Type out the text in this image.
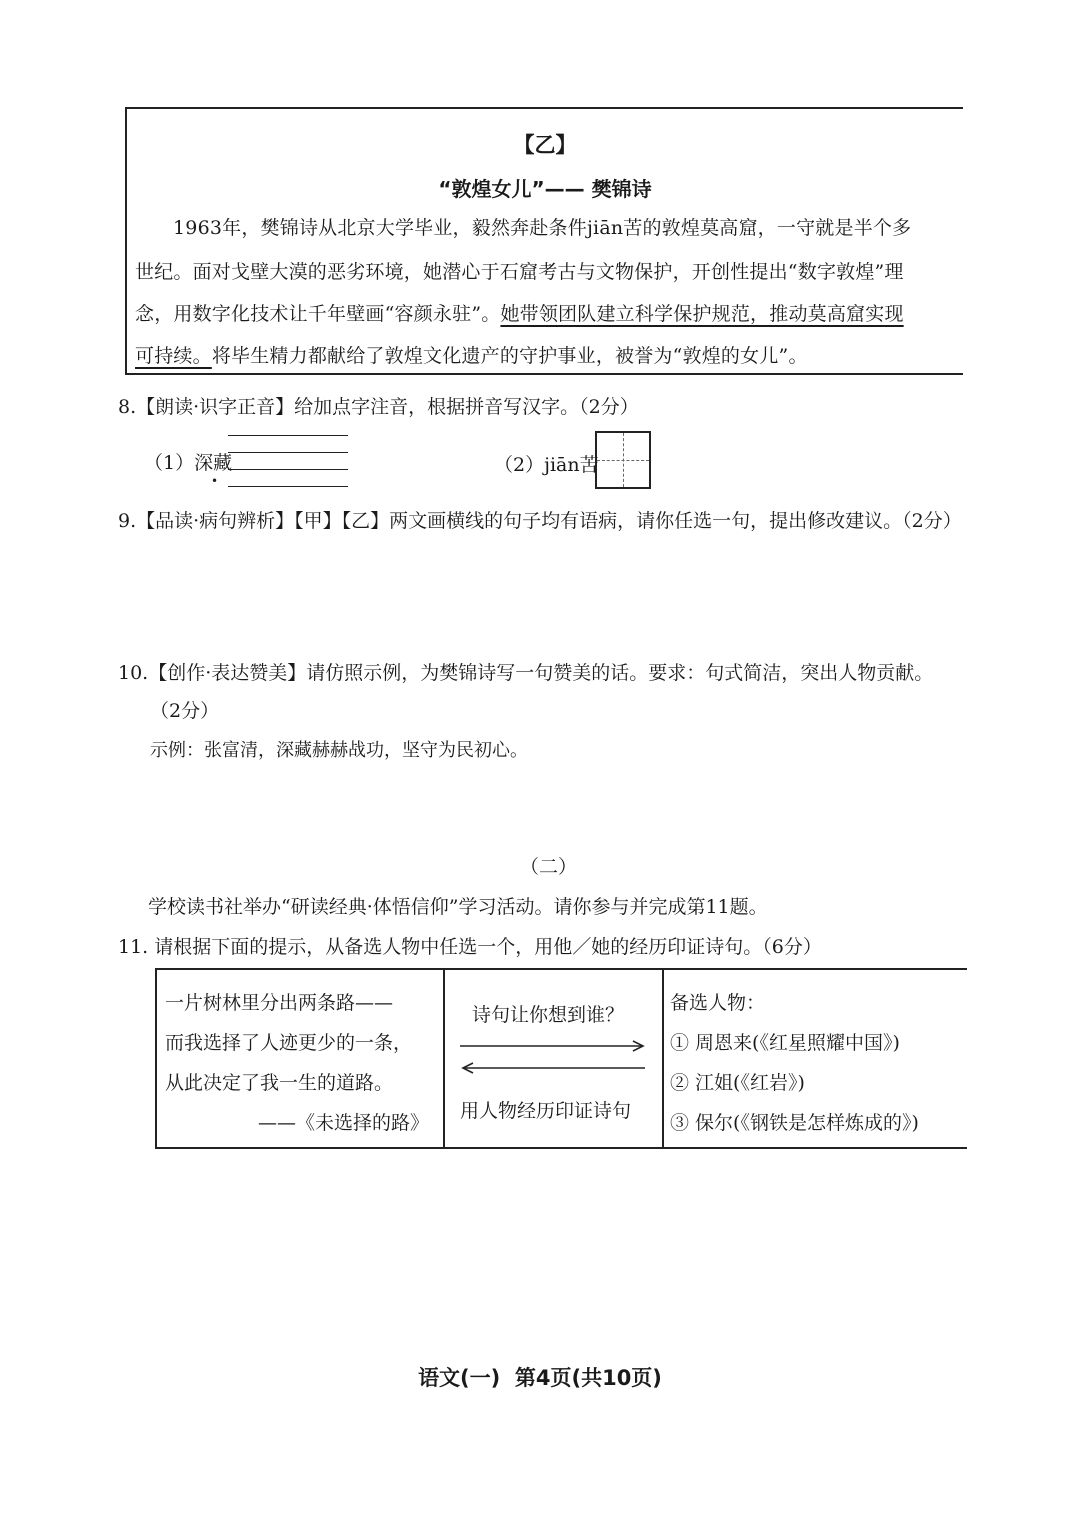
【乙】
“敦煌女儿”—— 樊锦诗
1963年，樊锦诗从北京大学毕业，毅然奔赴条件jiān苦的敦煌莫高窟，一守就是半个多
世纪。面对戈壁大漠的恶劣环境，她潜心于石窟考古与文物保护，开创性提出“数字敦煌”理
念，用数字化技术让千年壁画“容颜永驻”。她带领团队建立科学保护规范，推动莫高窟实现
可持续。将毕生精力都献给了敦煌文化遗产的守护事业，被誉为“敦煌的女儿”。
8.【朗读·识字正音】给加点字注音，根据拼音写汉字。（2分）
（1）深藏
•
（2）jiān苦
9.【品读·病句辨析】【甲】【乙】两文画横线的句子均有语病，请你任选一句，提出修改建议。（2分）
10.【创作·表达赞美】请仿照示例，为樊锦诗写一句赞美的话。要求：句式简洁，突出人物贡献。
（2分）
示例：张富清，深藏赫赫战功，坚守为民初心。
（二）
学校读书社举办“研读经典·体悟信仰”学习活动。请你参与并完成第11题。
11. 请根据下面的提示，从备选人物中任选一个，用他／她的经历印证诗句。（6分）
一片树林里分出两条路——
而我选择了人迹更少的一条，
从此决定了我一生的道路。
——《未选择的路》
诗句让你想到谁？
用人物经历印证诗句
备选人物：
① 周恩来(《红星照耀中国》)
② 江姐(《红岩》)
③ 保尔(《钢铁是怎样炼成的》)
语文(一)  第4页(共10页)
